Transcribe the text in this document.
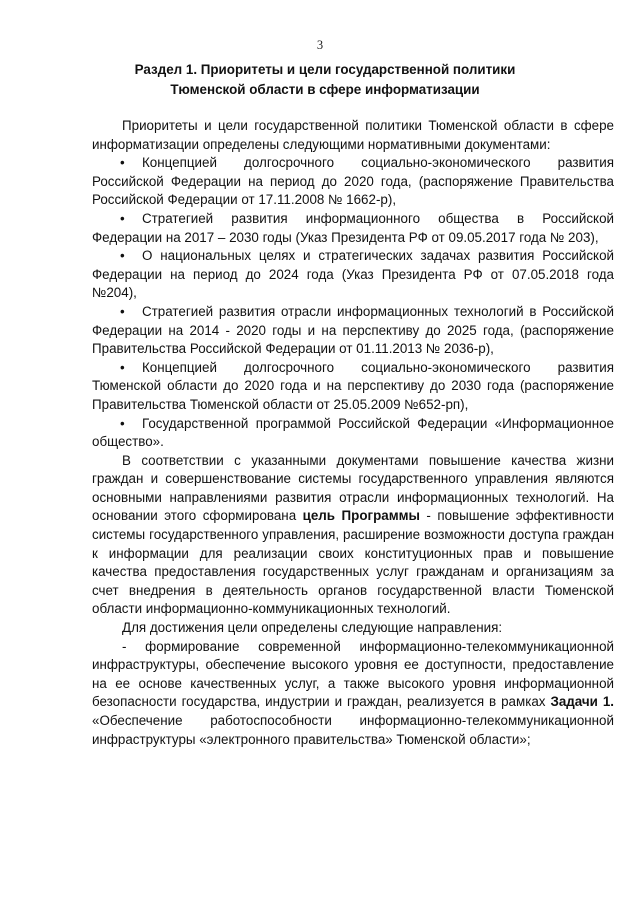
3
Раздел 1. Приоритеты и цели государственной политики Тюменской области в сфере информатизации

Приоритеты и цели государственной политики Тюменской области в сфере информатизации определены следующими нормативными документами:

• Концепцией долгосрочного социально-экономического развития Российской Федерации на период до 2020 года, (распоряжение Правительства Российской Федерации от 17.11.2008 № 1662-р),

• Стратегией развития информационного общества в Российской Федерации на 2017 – 2030 годы (Указ Президента РФ от 09.05.2017 года № 203),

• О национальных целях и стратегических задачах развития Российской Федерации на период до 2024 года (Указ Президента РФ от 07.05.2018 года №204),

• Стратегией развития отрасли информационных технологий в Российской Федерации на 2014 - 2020 годы и на перспективу до 2025 года, (распоряжение Правительства Российской Федерации от 01.11.2013 № 2036-р),

• Концепцией долгосрочного социально-экономического развития Тюменской области до 2020 года и на перспективу до 2030 года (распоряжение Правительства Тюменской области от 25.05.2009 №652-рп),

• Государственной программой Российской Федерации «Информационное общество».

В соответствии с указанными документами повышение качества жизни граждан и совершенствование системы государственного управления являются основными направлениями развития отрасли информационных технологий. На основании этого сформирована цель Программы - повышение эффективности системы государственного управления, расширение возможности доступа граждан к информации для реализации своих конституционных прав и повышение качества предоставления государственных услуг гражданам и организациям за счет внедрения в деятельность органов государственной власти Тюменской области информационно-коммуникационных технологий.

Для достижения цели определены следующие направления:

- формирование современной информационно-телекоммуникационной инфраструктуры, обеспечение высокого уровня ее доступности, предоставление на ее основе качественных услуг, а также высокого уровня информационной безопасности государства, индустрии и граждан, реализуется в рамках Задачи 1. «Обеспечение работоспособности информационно-телекоммуникационной инфраструктуры «электронного правительства» Тюменской области»;
